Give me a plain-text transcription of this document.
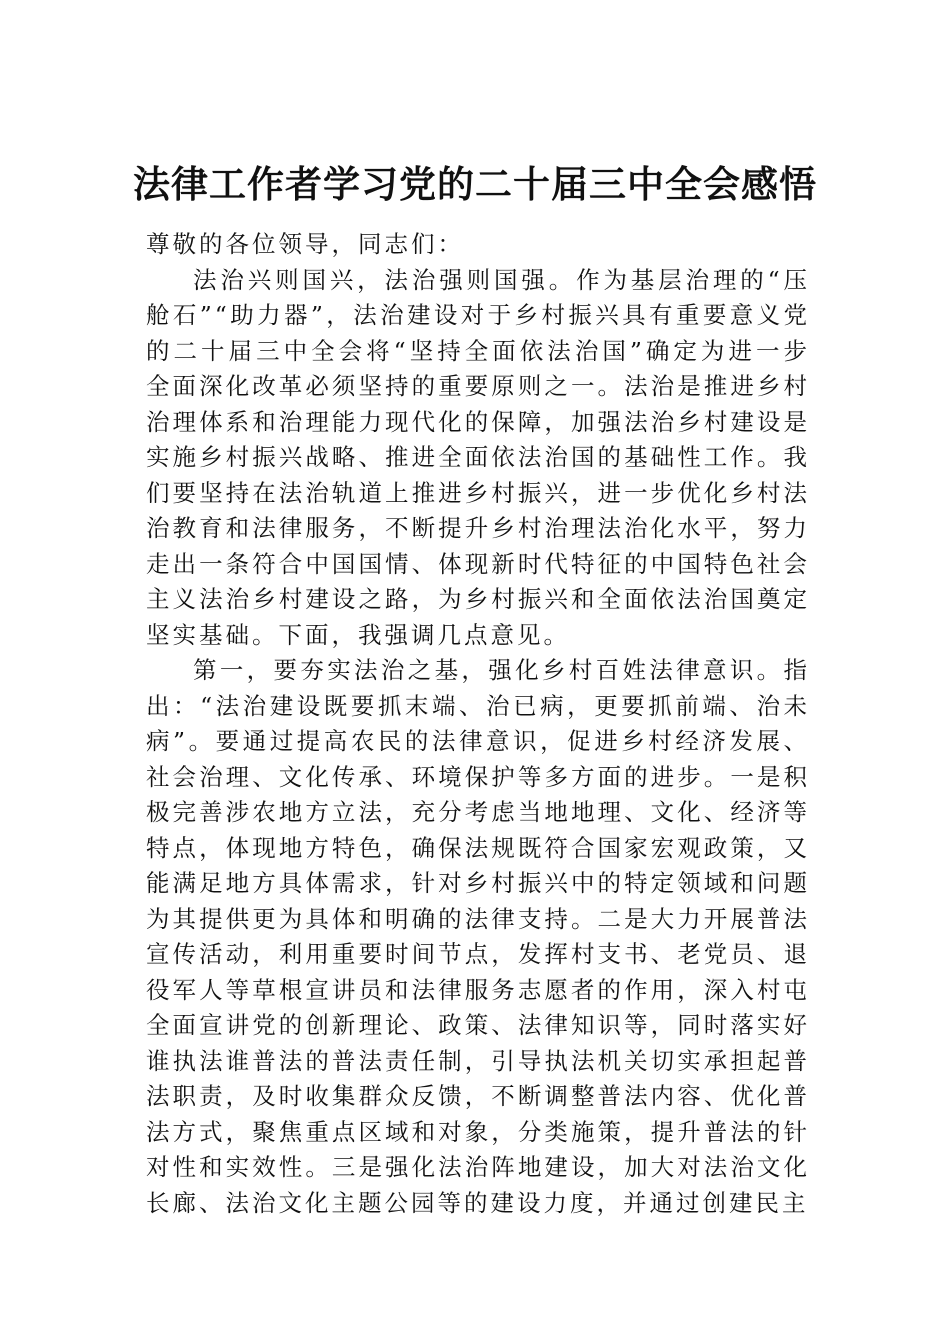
法律工作者学习党的二十届三中全会感悟

尊敬的各位领导，同志们：

法治兴则国兴，法治强则国强。作为基层治理的“压舱石”“助力器”，法治建设对于乡村振兴具有重要意义党的二十届三中全会将“坚持全面依法治国”确定为进一步全面深化改革必须坚持的重要原则之一。法治是推进乡村治理体系和治理能力现代化的保障，加强法治乡村建设是实施乡村振兴战略、推进全面依法治国的基础性工作。我们要坚持在法治轨道上推进乡村振兴，进一步优化乡村法治教育和法律服务，不断提升乡村治理法治化水平，努力走出一条符合中国国情、体现新时代特征的中国特色社会主义法治乡村建设之路，为乡村振兴和全面依法治国奠定坚实基础。下面，我强调几点意见。

第一，要夯实法治之基，强化乡村百姓法律意识。指出：“法治建设既要抓末端、治已病，更要抓前端、治未病”。要通过提高农民的法律意识，促进乡村经济发展、社会治理、文化传承、环境保护等多方面的进步。一是积极完善涉农地方立法，充分考虑当地地理、文化、经济等特点，体现地方特色，确保法规既符合国家宏观政策，又能满足地方具体需求，针对乡村振兴中的特定领域和问题为其提供更为具体和明确的法律支持。二是大力开展普法宣传活动，利用重要时间节点，发挥村支书、老党员、退役军人等草根宣讲员和法律服务志愿者的作用，深入村屯全面宣讲党的创新理论、政策、法律知识等，同时落实好谁执法谁普法的普法责任制，引导执法机关切实承担起普法职责，及时收集群众反馈，不断调整普法内容、优化普法方式，聚焦重点区域和对象，分类施策，提升普法的针对性和实效性。三是强化法治阵地建设，加大对法治文化长廊、法治文化主题公园等的建设力度，并通过创建民主
